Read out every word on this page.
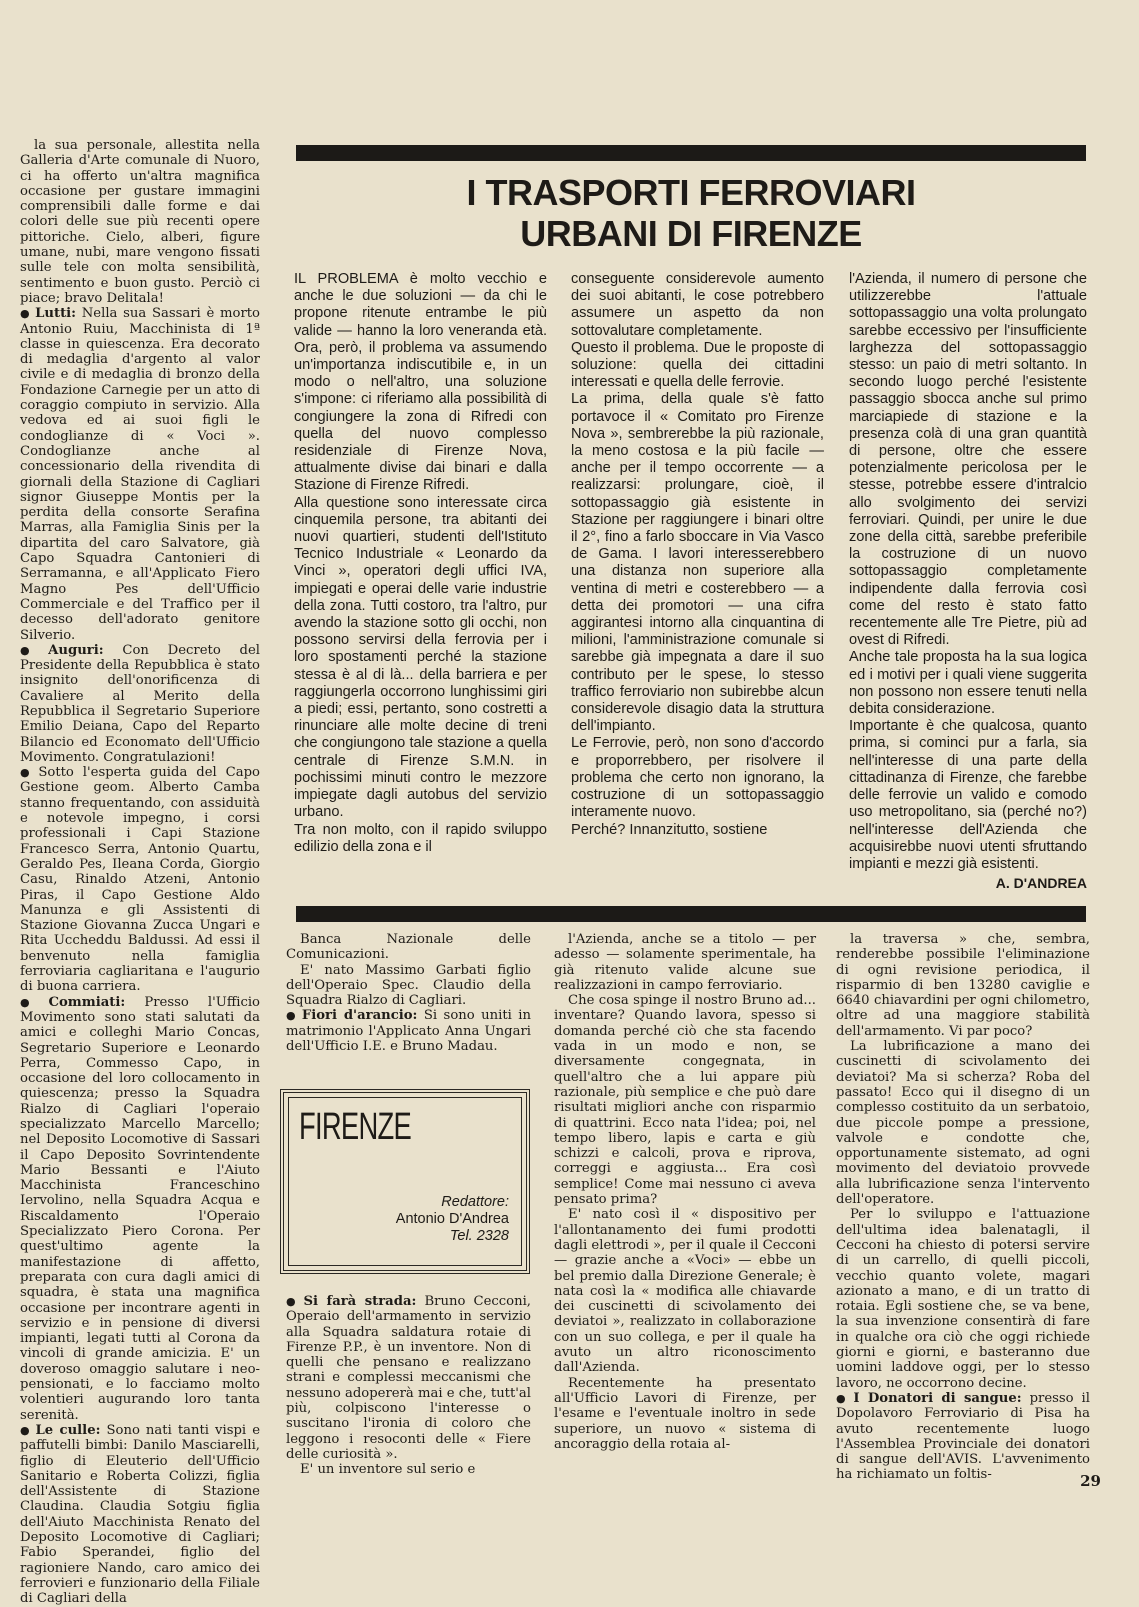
la sua personale, allestita nella Galleria d'Arte comunale di Nuoro, ci ha offerto un'altra magnifica occasione per gustare immagini comprensibili dalle forme e dai colori delle sue più recenti opere pittoriche. Cielo, alberi, figure umane, nubi, mare vengono fissati sulle tele con molta sensibilità, sentimento e buon gusto. Perciò ci piace; bravo Delitala!

● Lutti: Nella sua Sassari è morto Antonio Ruiu, Macchinista di 1ª classe in quiescenza. Era decorato di medaglia d'argento al valor civile e di medaglia di bronzo della Fondazione Carnegie per un atto di coraggio compiuto in servizio. Alla vedova ed ai suoi figli le condoglianze di « Voci ». Condoglianze anche al concessionario della rivendita di giornali della Stazione di Cagliari signor Giuseppe Montis per la perdita della consorte Serafina Marras, alla Famiglia Sinis per la dipartita del caro Salvatore, già Capo Squadra Cantonieri di Serramanna, e all'Applicato Fiero Magno Pes dell'Ufficio Commerciale e del Traffico per il decesso dell'adorato genitore Silverio.

● Auguri: Con Decreto del Presidente della Repubblica è stato insignito dell'onorificenza di Cavaliere al Merito della Repubblica il Segretario Superiore Emilio Deiana, Capo del Reparto Bilancio ed Economato dell'Ufficio Movimento. Congratulazioni!

● Sotto l'esperta guida del Capo Gestione geom. Alberto Camba stanno frequentando, con assiduità e notevole impegno, i corsi professionali i Capi Stazione Francesco Serra, Antonio Quartu, Geraldo Pes, Ileana Corda, Giorgio Casu, Rinaldo Atzeni, Antonio Piras, il Capo Gestione Aldo Manunza e gli Assistenti di Stazione Giovanna Zucca Ungari e Rita Uccheddu Baldussi. Ad essi il benvenuto nella famiglia ferroviaria cagliaritana e l'augurio di buona carriera.

● Commiati: Presso l'Ufficio Movimento sono stati salutati da amici e colleghi Mario Concas, Segretario Superiore e Leonardo Perra, Commesso Capo, in occasione del loro collocamento in quiescenza; presso la Squadra Rialzo di Cagliari l'operaio specializzato Marcello Marcello; nel Deposito Locomotive di Sassari il Capo Deposito Sovrintendente Mario Bessanti e l'Aiuto Macchinista Franceschino Iervolino, nella Squadra Acqua e Riscaldamento l'Operaio Specializzato Piero Corona. Per quest'ultimo agente la manifestazione di affetto, preparata con cura dagli amici di squadra, è stata una magnifica occasione per incontrare agenti in servizio e in pensione di diversi impianti, legati tutti al Corona da vincoli di grande amicizia. E' un doveroso omaggio salutare i neo-pensionati, e lo facciamo molto volentieri augurando loro tanta serenità.

● Le culle: Sono nati tanti vispi e paffutelli bimbi: Danilo Masciarelli, figlio di Eleuterio dell'Ufficio Sanitario e Roberta Colizzi, figlia dell'Assistente di Stazione Claudina. Claudia Sotgiu figlia dell'Aiuto Macchinista Renato del Deposito Locomotive di Cagliari; Fabio Sperandei, figlio del ragioniere Nando, caro amico dei ferrovieri e funzionario della Filiale di Cagliari della

I TRASPORTI FERROVIARI
URBANI DI FIRENZE

IL PROBLEMA è molto vecchio e anche le due soluzioni — da chi le propone ritenute entrambe le più valide — hanno la loro veneranda età. Ora, però, il problema va assumendo un'importanza indiscutibile e, in un modo o nell'altro, una soluzione s'impone: ci riferiamo alla possibilità di congiungere la zona di Rifredi con quella del nuovo complesso residenziale di Firenze Nova, attualmente divise dai binari e dalla Stazione di Firenze Rifredi.

Alla questione sono interessate circa cinquemila persone, tra abitanti dei nuovi quartieri, studenti dell'Istituto Tecnico Industriale « Leonardo da Vinci », operatori degli uffici IVA, impiegati e operai delle varie industrie della zona. Tutti costoro, tra l'altro, pur avendo la stazione sotto gli occhi, non possono servirsi della ferrovia per i loro spostamenti perché la stazione stessa è al di là... della barriera e per raggiungerla occorrono lunghissimi giri a piedi; essi, pertanto, sono costretti a rinunciare alle molte decine di treni che congiungono tale stazione a quella centrale di Firenze S.M.N. in pochissimi minuti contro le mezzore impiegate dagli autobus del servizio urbano.

Tra non molto, con il rapido sviluppo edilizio della zona e il

conseguente considerevole aumento dei suoi abitanti, le cose potrebbero assumere un aspetto da non sottovalutare completamente.

Questo il problema. Due le proposte di soluzione: quella dei cittadini interessati e quella delle ferrovie.

La prima, della quale s'è fatto portavoce il « Comitato pro Firenze Nova », sembrerebbe la più razionale, la meno costosa e la più facile — anche per il tempo occorrente — a realizzarsi: prolungare, cioè, il sottopassaggio già esistente in Stazione per raggiungere i binari oltre il 2°, fino a farlo sboccare in Via Vasco de Gama. I lavori interesserebbero una distanza non superiore alla ventina di metri e costerebbero — a detta dei promotori — una cifra aggirantesi intorno alla cinquantina di milioni, l'amministrazione comunale si sarebbe già impegnata a dare il suo contributo per le spese, lo stesso traffico ferroviario non subirebbe alcun considerevole disagio data la struttura dell'impianto.

Le Ferrovie, però, non sono d'accordo e proporrebbero, per risolvere il problema che certo non ignorano, la costruzione di un sottopassaggio interamente nuovo.

Perché? Innanzitutto, sostiene

l'Azienda, il numero di persone che utilizzerebbe l'attuale sottopassaggio una volta prolungato sarebbe eccessivo per l'insufficiente larghezza del sottopassaggio stesso: un paio di metri soltanto. In secondo luogo perché l'esistente passaggio sbocca anche sul primo marciapiede di stazione e la presenza colà di una gran quantità di persone, oltre che essere potenzialmente pericolosa per le stesse, potrebbe essere d'intralcio allo svolgimento dei servizi ferroviari. Quindi, per unire le due zone della città, sarebbe preferibile la costruzione di un nuovo sottopassaggio completamente indipendente dalla ferrovia così come del resto è stato fatto recentemente alle Tre Pietre, più ad ovest di Rifredi.

Anche tale proposta ha la sua logica ed i motivi per i quali viene suggerita non possono non essere tenuti nella debita considerazione.

Importante è che qualcosa, quanto prima, si cominci pur a farla, sia nell'interesse di una parte della cittadinanza di Firenze, che farebbe delle ferrovie un valido e comodo uso metropolitano, sia (perché no?) nell'interesse dell'Azienda che acquisirebbe nuovi utenti sfruttando impianti e mezzi già esistenti.

A. D'ANDREA

Banca Nazionale delle Comunicazioni.

E' nato Massimo Garbati figlio dell'Operaio Spec. Claudio della Squadra Rialzo di Cagliari.

● Fiori d'arancio: Si sono uniti in matrimonio l'Applicato Anna Ungari dell'Ufficio I.E. e Bruno Madau.

FIRENZE
Redattore:
Antonio D'Andrea
Tel. 2328

● Si farà strada: Bruno Cecconi, Operaio dell'armamento in servizio alla Squadra saldatura rotaie di Firenze P.P., è un inventore. Non di quelli che pensano e realizzano strani e complessi meccanismi che nessuno adopererà mai e che, tutt'al più, colpiscono l'interesse o suscitano l'ironia di coloro che leggono i resoconti delle « Fiere delle curiosità ».

E' un inventore sul serio e

l'Azienda, anche se a titolo — per adesso — solamente sperimentale, ha già ritenuto valide alcune sue realizzazioni in campo ferroviario.

Che cosa spinge il nostro Bruno ad... inventare? Quando lavora, spesso si domanda perché ciò che sta facendo vada in un modo e non, se diversamente congegnata, in quell'altro che a lui appare più razionale, più semplice e che può dare risultati migliori anche con risparmio di quattrini. Ecco nata l'idea; poi, nel tempo libero, lapis e carta e giù schizzi e calcoli, prova e riprova, correggi e aggiusta... Era così semplice! Come mai nessuno ci aveva pensato prima?

E' nato così il « dispositivo per l'allontanamento dei fumi prodotti dagli elettrodi », per il quale il Cecconi — grazie anche a «Voci» — ebbe un bel premio dalla Direzione Generale; è nata così la « modifica alle chiavarde dei cuscinetti di scivolamento dei deviatoi », realizzato in collaborazione con un suo collega, e per il quale ha avuto un altro riconoscimento dall'Azienda.

Recentemente ha presentato all'Ufficio Lavori di Firenze, per l'esame e l'eventuale inoltro in sede superiore, un nuovo « sistema di ancoraggio della rotaia al-

la traversa » che, sembra, renderebbe possibile l'eliminazione di ogni revisione periodica, il risparmio di ben 13280 caviglie e 6640 chiavardini per ogni chilometro, oltre ad una maggiore stabilità dell'armamento. Vi par poco?

La lubrificazione a mano dei cuscinetti di scivolamento dei deviatoi? Ma si scherza? Roba del passato! Ecco qui il disegno di un complesso costituito da un serbatoio, due piccole pompe a pressione, valvole e condotte che, opportunamente sistemato, ad ogni movimento del deviatoio provvede alla lubrificazione senza l'intervento dell'operatore.

Per lo sviluppo e l'attuazione dell'ultima idea balenatagli, il Cecconi ha chiesto di potersi servire di un carrello, di quelli piccoli, vecchio quanto volete, magari azionato a mano, e di un tratto di rotaia. Egli sostiene che, se va bene, la sua invenzione consentirà di fare in qualche ora ciò che oggi richiede giorni e giorni, e basteranno due uomini laddove oggi, per lo stesso lavoro, ne occorrono decine.

● I Donatori di sangue: presso il Dopolavoro Ferroviario di Pisa ha avuto recentemente luogo l'Assemblea Provinciale dei donatori di sangue dell'AVIS. L'avvenimento ha richiamato un foltis-	29
